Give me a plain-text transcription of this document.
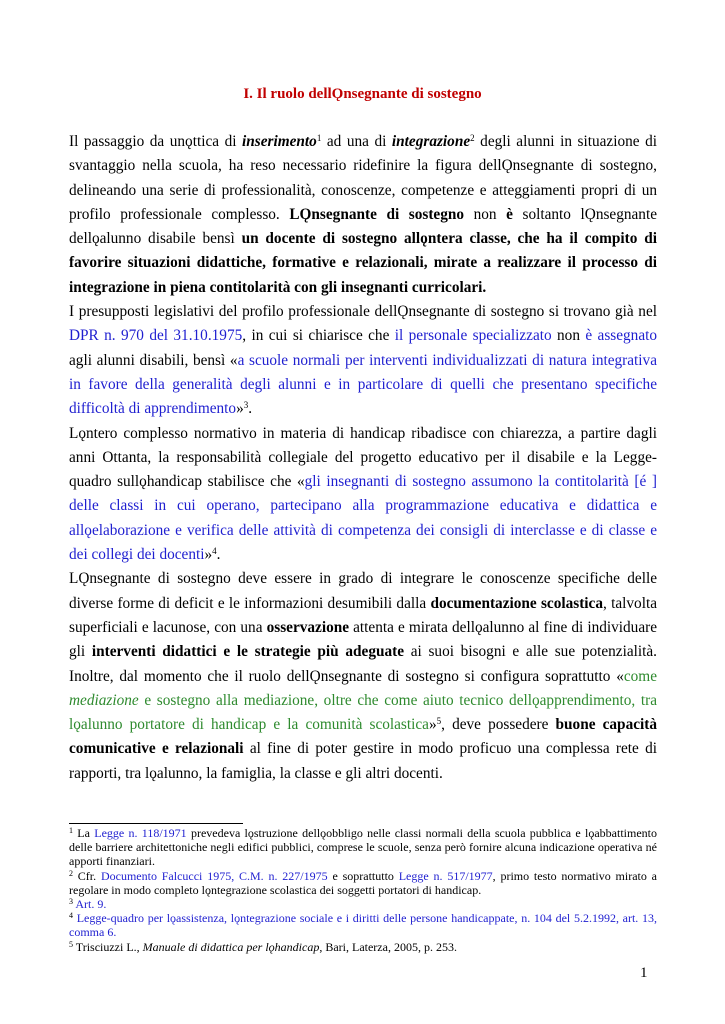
I. Il ruolo dellǪnsegnante di sostegno

Il passaggio da unǫttica di inserimento$^1$ ad una di integrazione$^2$ degli alunni in situazione di svantaggio nella scuola, ha reso necessario ridefinire la figura dellǪnsegnante di sostegno, delineando una serie di professionalità, conoscenze, competenze e atteggiamenti propri di un profilo professionale complesso. LǪnsegnante di sostegno non è soltanto lǪnsegnante dellǫalunno disabile bensì un docente di sostegno allǫntera classe, che ha il compito di favorire situazioni didattiche, formative e relazionali, mirate a realizzare il processo di integrazione in piena contitolarità con gli insegnanti curricolari.

I presupposti legislativi del profilo professionale dellǪnsegnante di sostegno si trovano già nel DPR n. 970 del 31.10.1975, in cui si chiarisce che il personale specializzato non è assegnato agli alunni disabili, bensì «a scuole normali per interventi individualizzati di natura integrativa in favore della generalità degli alunni e in particolare di quelli che presentano specifiche difficoltà di apprendimento»$^3$.

Lǫntero complesso normativo in materia di handicap ribadisce con chiarezza, a partire dagli anni Ottanta, la responsabilità collegiale del progetto educativo per il disabile e la Legge-quadro sullǫhandicap stabilisce che «gli insegnanti di sostegno assumono la contitolarità [é ] delle classi in cui operano, partecipano alla programmazione educativa e didattica e allǫelaborazione e verifica delle attività di competenza dei consigli di interclasse e di classe e dei collegi dei docenti»$^4$.

LǪnsegnante di sostegno deve essere in grado di integrare le conoscenze specifiche delle diverse forme di deficit e le informazioni desumibili dalla documentazione scolastica, talvolta superficiali e lacunose, con una osservazione attenta e mirata dellǫalunno al fine di individuare gli interventi didattici e le strategie più adeguate ai suoi bisogni e alle sue potenzialità. Inoltre, dal momento che il ruolo dellǪnsegnante di sostegno si configura soprattutto «come mediazione e sostegno alla mediazione, oltre che come aiuto tecnico dellǫapprendimento, tra lǫalunno portatore di handicap e la comunità scolastica»$^5$, deve possedere buone capacità comunicative e relazionali al fine di poter gestire in modo proficuo una complessa rete di rapporti, tra lǫalunno, la famiglia, la classe e gli altri docenti.

$^1$ La Legge n. 118/1971 prevedeva lǫstruzione dellǫobbligo nelle classi normali della scuola pubblica e lǫabbattimento delle barriere architettoniche negli edifici pubblici, comprese le scuole, senza però fornire alcuna indicazione operativa né apporti finanziari.

$^2$ Cfr. Documento Falcucci 1975, C.M. n. 227/1975 e soprattutto Legge n. 517/1977, primo testo normativo mirato a regolare in modo completo lǫntegrazione scolastica dei soggetti portatori di handicap.

$^3$ Art. 9.

$^4$ Legge-quadro per lǫassistenza, lǫntegrazione sociale e i diritti delle persone handicappate, n. 104 del 5.2.1992, art. 13, comma 6.

$^5$ Trisciuzzi L., Manuale di didattica per lǫhandicap, Bari, Laterza, 2005, p. 253.

1
